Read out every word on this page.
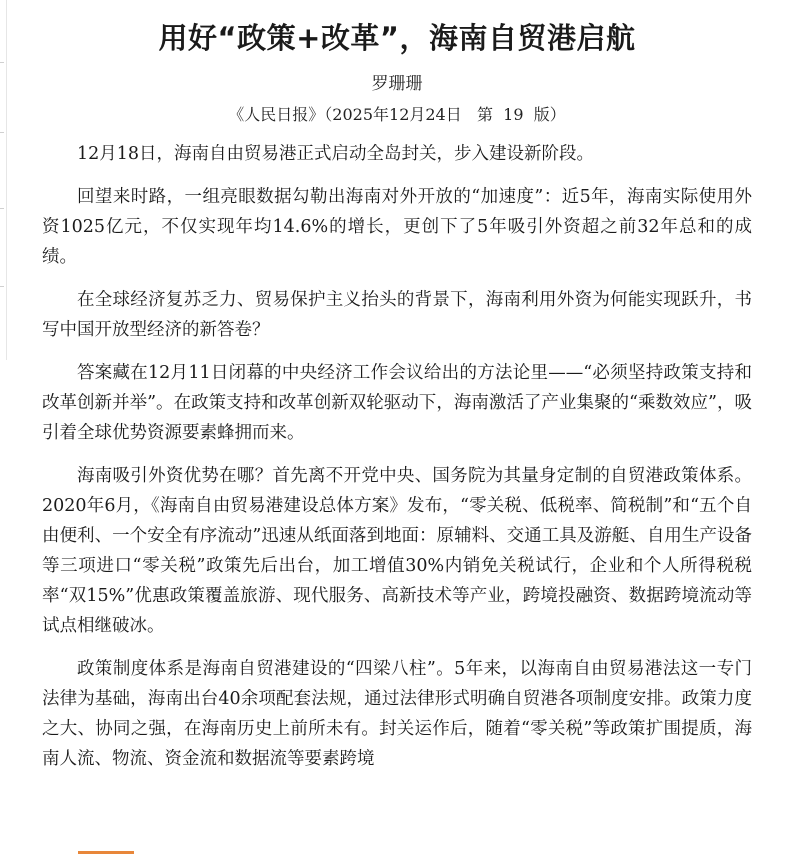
用好“政策+改革”，海南自贸港启航
罗珊珊
《人民日报》（2025年12月24日   第  19  版）

12月18日，海南自由贸易港正式启动全岛封关，步入建设新阶段。

回望来时路，一组亮眼数据勾勒出海南对外开放的“加速度”：近5年，海南实际使用外资1025亿元，不仅实现年均14.6%的增长，更创下了5年吸引外资超之前32年总和的成绩。

在全球经济复苏乏力、贸易保护主义抬头的背景下，海南利用外资为何能实现跃升，书写中国开放型经济的新答卷？

答案藏在12月11日闭幕的中央经济工作会议给出的方法论里——“必须坚持政策支持和改革创新并举”。在政策支持和改革创新双轮驱动下，海南激活了产业集聚的“乘数效应”，吸引着全球优势资源要素蜂拥而来。

海南吸引外资优势在哪？首先离不开党中央、国务院为其量身定制的自贸港政策体系。2020年6月，《海南自由贸易港建设总体方案》发布，“零关税、低税率、简税制”和“五个自由便利、一个安全有序流动”迅速从纸面落到地面：原辅料、交通工具及游艇、自用生产设备等三项进口“零关税”政策先后出台，加工增值30%内销免关税试行，企业和个人所得税税率“双15%”优惠政策覆盖旅游、现代服务、高新技术等产业，跨境投融资、数据跨境流动等试点相继破冰。

政策制度体系是海南自贸港建设的“四梁八柱”。5年来，以海南自由贸易港法这一专门法律为基础，海南出台40余项配套法规，通过法律形式明确自贸港各项制度安排。政策力度之大、协同之强，在海南历史上前所未有。封关运作后，随着“零关税”等政策扩围提质，海南人流、物流、资金流和数据流等要素跨境
